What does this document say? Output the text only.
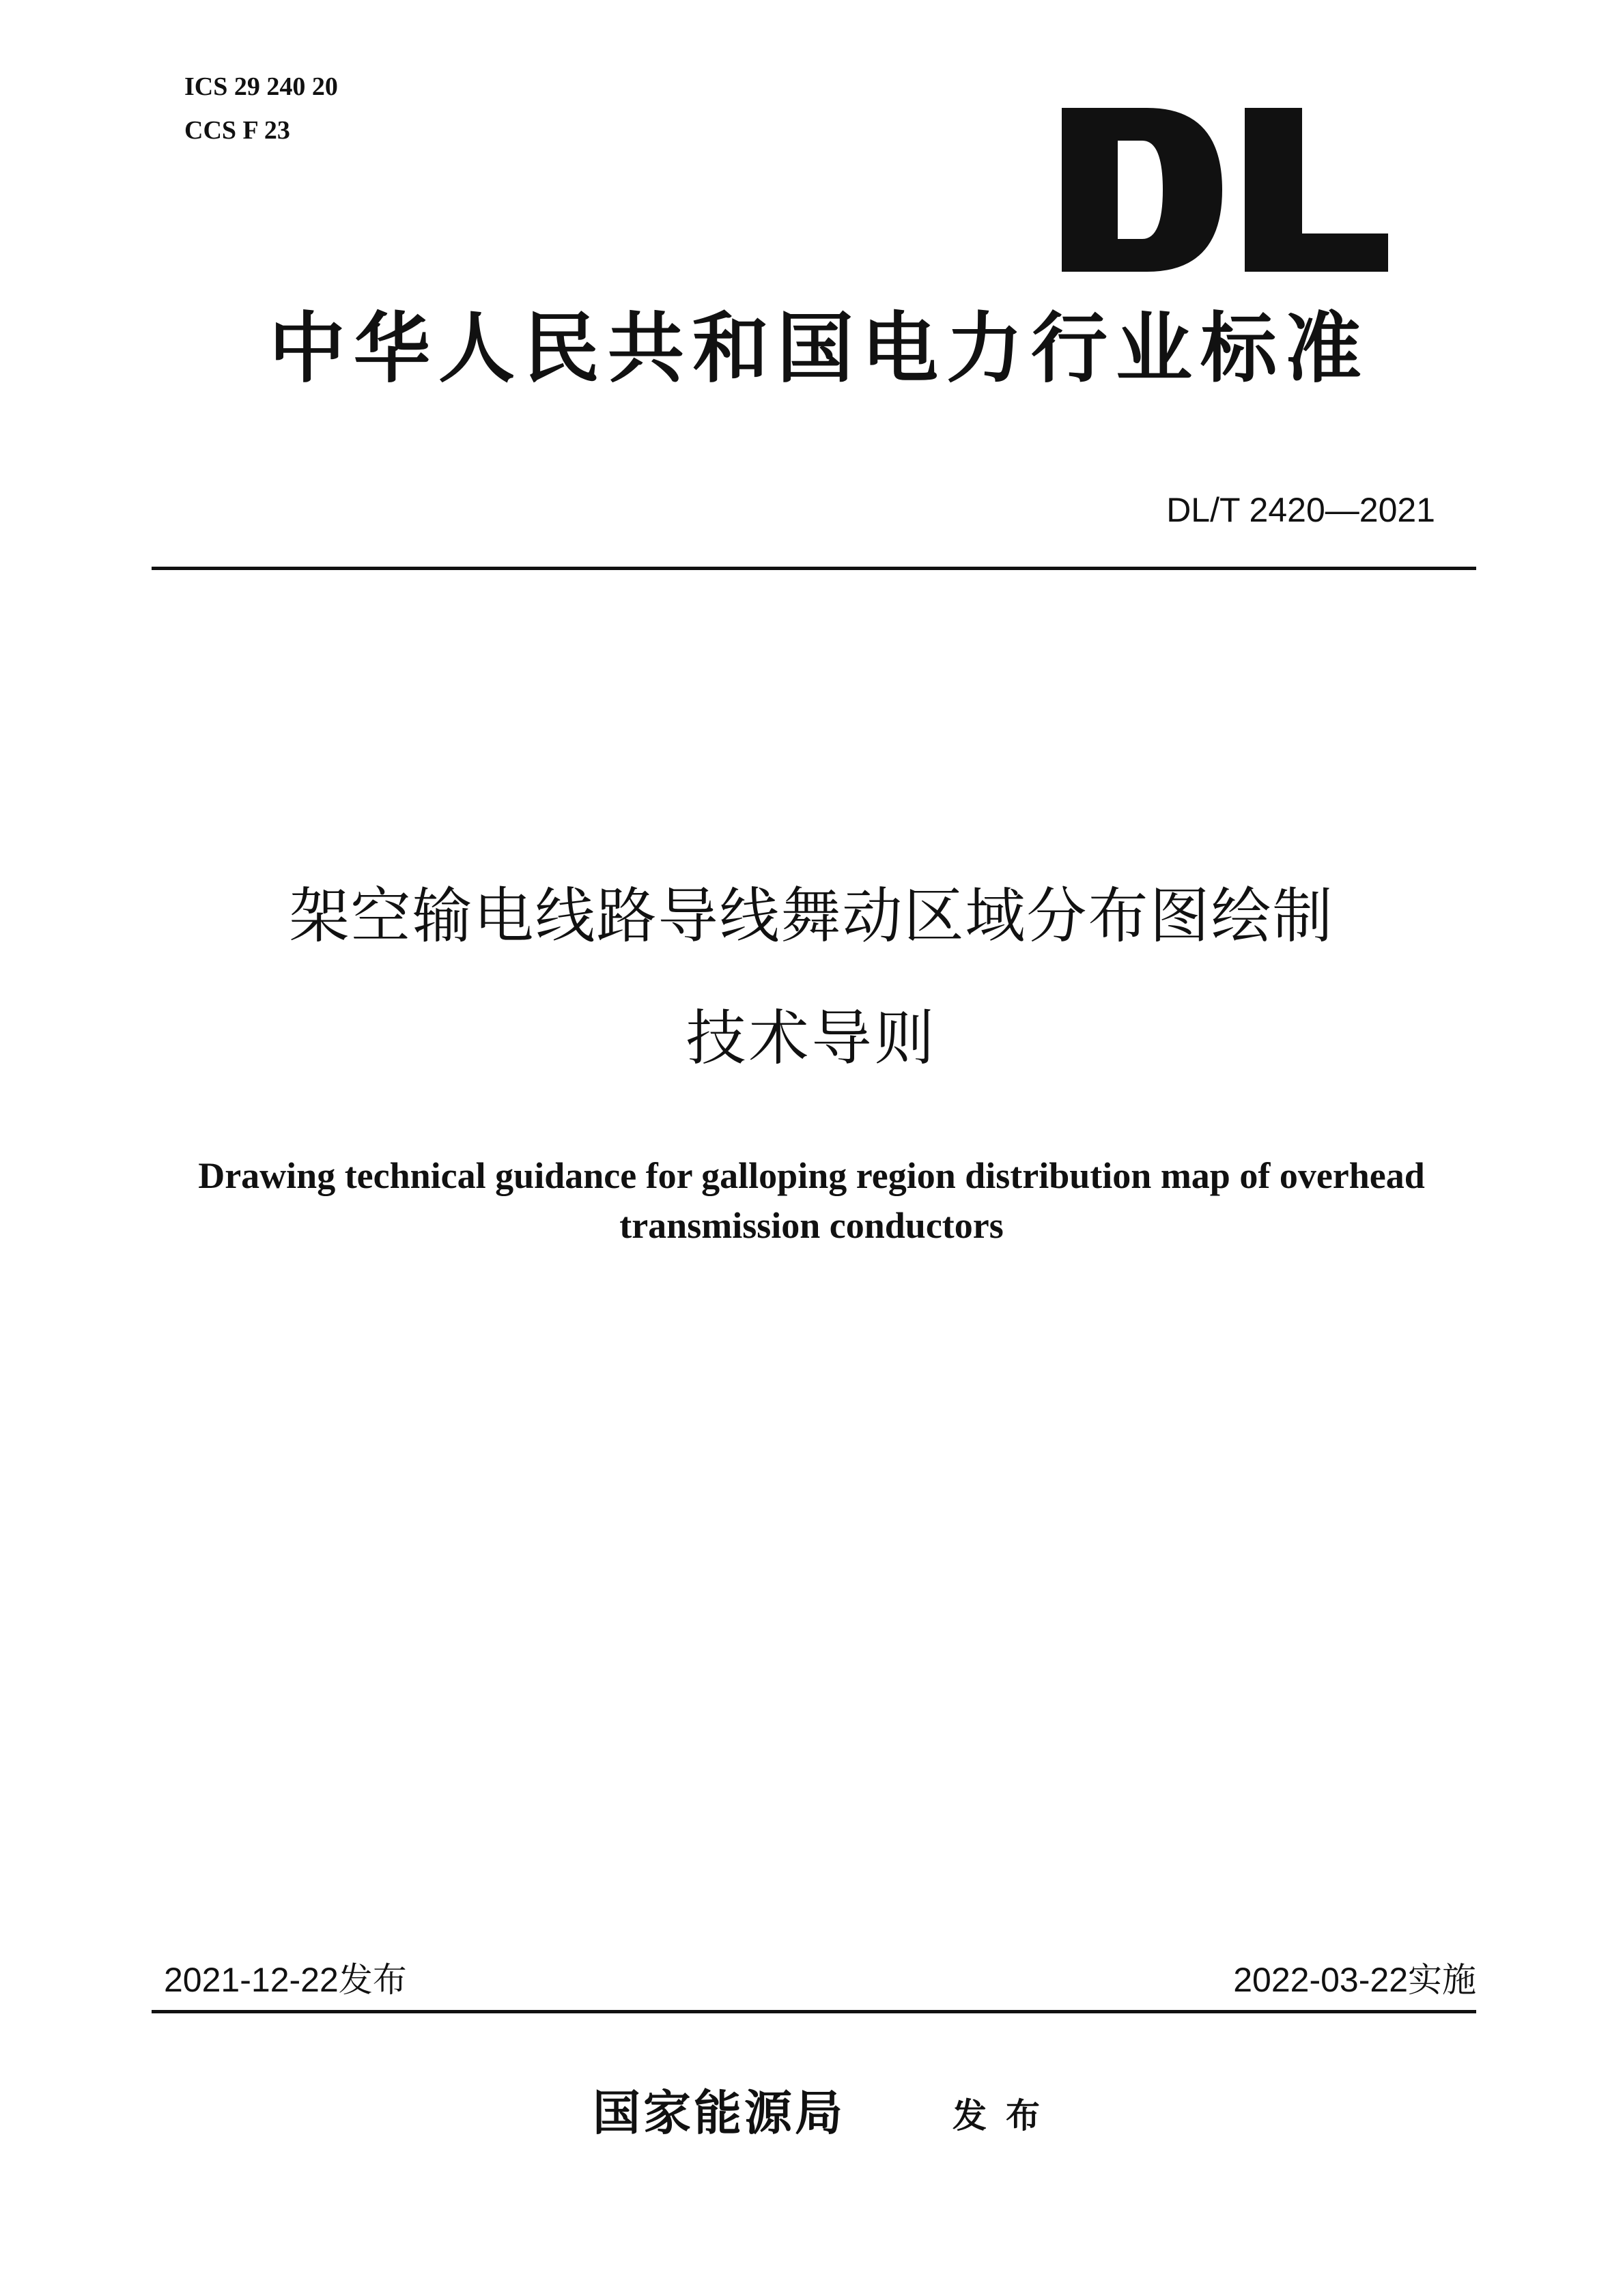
ICS 29 240 20
CCS F 23
中华人民共和国电力行业标准
DL/T 2420—2021
架空输电线路导线舞动区域分布图绘制
技术导则
Drawing technical guidance for galloping region distribution map of overhead
transmission conductors
2021-12-22发布	2022-03-22实施
国家能源局	发布
